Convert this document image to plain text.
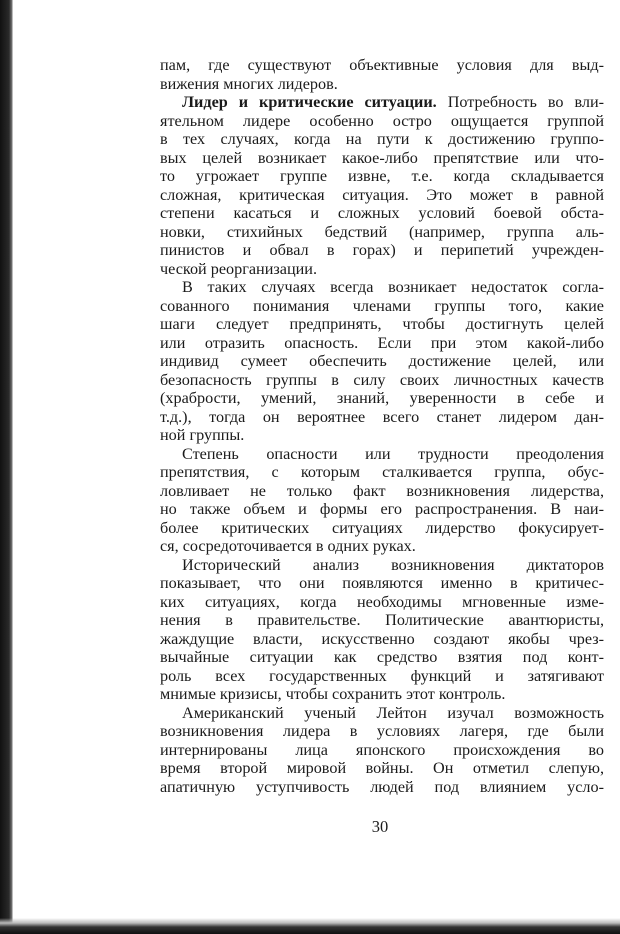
пам, где существуют объективные условия для выд-
вижения многих лидеров.
Лидер и критические ситуации. Потребность во вли-
ятельном лидере особенно остро ощущается группой
в тех случаях, когда на пути к достижению группо-
вых целей возникает какое-либо препятствие или что-
то угрожает группе извне, т.е. когда складывается
сложная, критическая ситуация. Это может в равной
степени касаться и сложных условий боевой обста-
новки, стихийных бедствий (например, группа аль-
пинистов и обвал в горах) и перипетий учрежден-
ческой реорганизации.
В таких случаях всегда возникает недостаток согла-
сованного понимания членами группы того, какие
шаги следует предпринять, чтобы достигнуть целей
или отразить опасность. Если при этом какой-либо
индивид сумеет обеспечить достижение целей, или
безопасность группы в силу своих личностных качеств
(храбрости, умений, знаний, уверенности в себе и
т.д.), тогда он вероятнее всего станет лидером дан-
ной группы.
Степень опасности или трудности преодоления
препятствия, с которым сталкивается группа, обус-
ловливает не только факт возникновения лидерства,
но также объем и формы его распространения. В наи-
более критических ситуациях лидерство фокусирует-
ся, сосредоточивается в одних руках.
Исторический анализ возникновения диктаторов
показывает, что они появляются именно в критичес-
ких ситуациях, когда необходимы мгновенные изме-
нения в правительстве. Политические авантюристы,
жаждущие власти, искусственно создают якобы чрез-
вычайные ситуации как средство взятия под конт-
роль всех государственных функций и затягивают
мнимые кризисы, чтобы сохранить этот контроль.
Американский ученый Лейтон изучал возможность
возникновения лидера в условиях лагеря, где были
интернированы лица японского происхождения во
время второй мировой войны. Он отметил слепую,
апатичную уступчивость людей под влиянием усло-
30
